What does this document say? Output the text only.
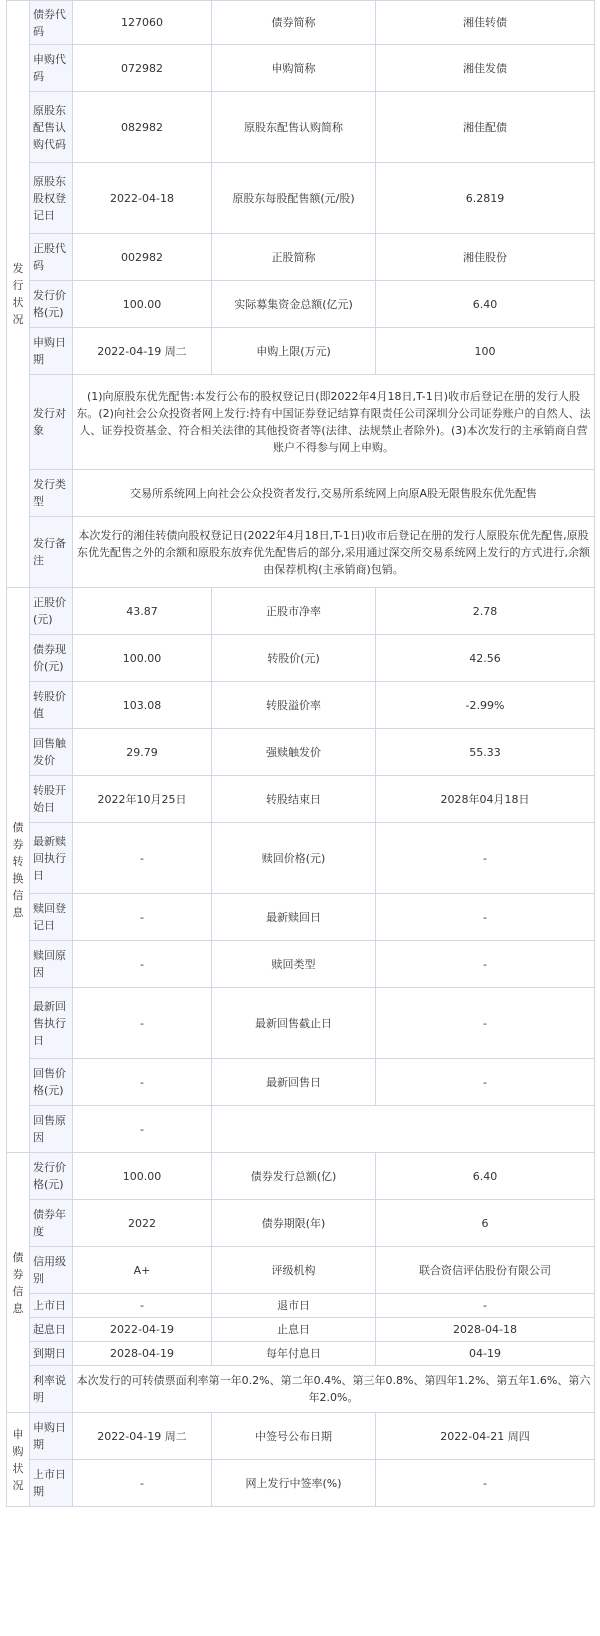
发行状况	债券代码	127060	债券简称	湘佳转债
	申购代码	072982	申购简称	湘佳发债
	原股东配售认购代码	082982	原股东配售认购简称	湘佳配债
	原股东股权登记日	2022-04-18	原股东每股配售额(元/股)	6.2819
	正股代码	002982	正股简称	湘佳股份
	发行价格(元)	100.00	实际募集资金总额(亿元)	6.40
	申购日期	2022-04-19 周二	申购上限(万元)	100
	发行对象	(1)向原股东优先配售:本发行公布的股权登记日(即2022年4月18日,T-1日)收市后登记在册的发行人股东。(2)向社会公众投资者网上发行:持有中国证券登记结算有限责任公司深圳分公司证券账户的自然人、法人、证券投资基金、符合相关法律的其他投资者等(法律、法规禁止者除外)。(3)本次发行的主承销商自营账户不得参与网上申购。		
	发行类型	交易所系统网上向社会公众投资者发行,交易所系统网上向原A股无限售股东优先配售		
	发行备注	本次发行的湘佳转债向股权登记日(2022年4月18日,T-1日)收市后登记在册的发行人原股东优先配售,原股东优先配售之外的余额和原股东放弃优先配售后的部分,采用通过深交所交易系统网上发行的方式进行,余额由保荐机构(主承销商)包销。		
债券转换信息	正股价(元)	43.87	正股市净率	2.78
	债券现价(元)	100.00	转股价(元)	42.56
	转股价值	103.08	转股溢价率	-2.99%
	回售触发价	29.79	强赎触发价	55.33
	转股开始日	2022年10月25日	转股结束日	2028年04月18日
	最新赎回执行日	-	赎回价格(元)	-
	赎回登记日	-	最新赎回日	-
	赎回原因	-	赎回类型	-
	最新回售执行日	-	最新回售截止日	-
	回售价格(元)	-	最新回售日	-
	回售原因	-		
债券信息	发行价格(元)	100.00	债券发行总额(亿)	6.40
	债券年度	2022	债券期限(年)	6
	信用级别	A+	评级机构	联合资信评估股份有限公司
	上市日	-	退市日	-
	起息日	2022-04-19	止息日	2028-04-18
	到期日	2028-04-19	每年付息日	04-19
	利率说明	本次发行的可转债票面利率第一年0.2%、第二年0.4%、第三年0.8%、第四年1.2%、第五年1.6%、第六年2.0%。		
申购状况	申购日期	2022-04-19 周二	中签号公布日期	2022-04-21 周四
	上市日期	-	网上发行中签率(%)	-
